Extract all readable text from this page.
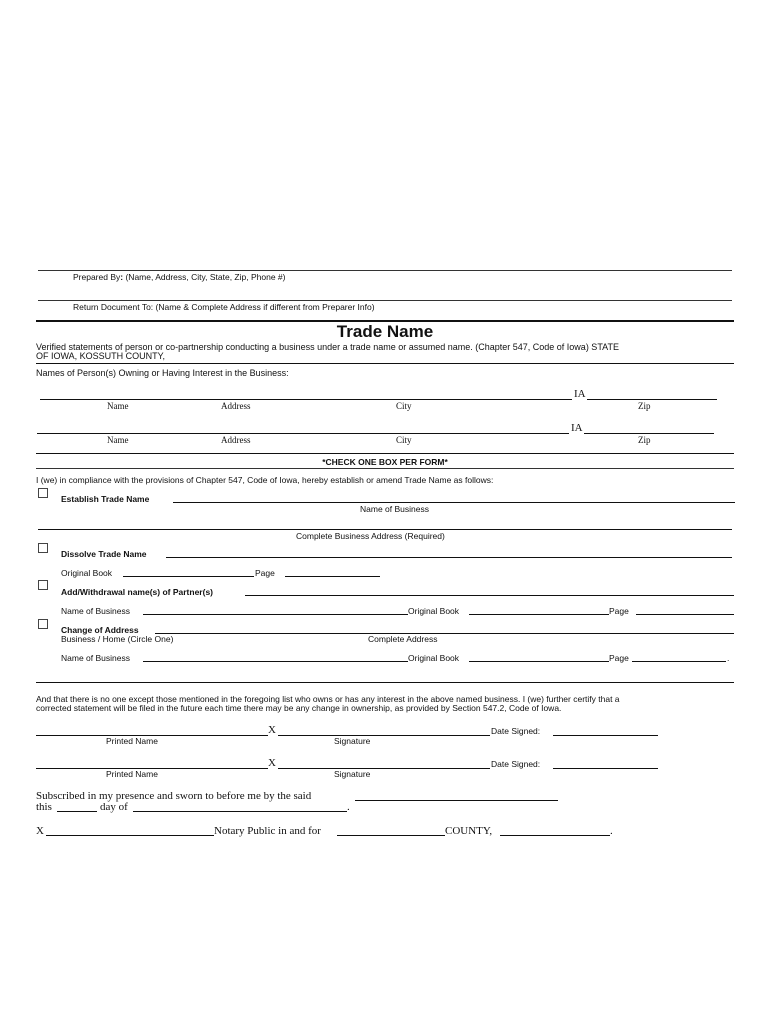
Prepared By: (Name, Address, City, State, Zip, Phone #)
Return Document To: (Name & Complete Address if different from Preparer Info)
Trade Name
Verified statements of person or co-partnership conducting a business under a trade name or assumed name. (Chapter 547, Code of Iowa) STATE
OF IOWA, KOSSUTH COUNTY,
Names of Person(s) Owning or Having Interest in the Business:
IA
Name	Address	City	Zip
IA
Name	Address	City	Zip
*CHECK ONE BOX PER FORM*
I (we) in compliance with the provisions of Chapter 547, Code of Iowa, hereby establish or amend Trade Name as follows:
Establish Trade Name
Name of Business
Complete Business Address (Required)
Dissolve Trade Name
Original Book	Page
Add/Withdrawal name(s) of Partner(s)
Name of Business	Original Book	Page
Change of Address
Business / Home (Circle One)	Complete Address
Name of Business	Original Book	Page	.
And that there is no one except those mentioned in the foregoing list who owns or has any interest in the above named business. I (we) further certify that a
corrected statement will be filed in the future each time there may be any change in ownership, as provided by Section 547.2, Code of Iowa.
X	Date Signed:
Printed Name	Signature
X	Date Signed:
Printed Name	Signature
Subscribed in my presence and sworn to before me by the said
this	day of	.
X	Notary Public in and for	COUNTY,	.
